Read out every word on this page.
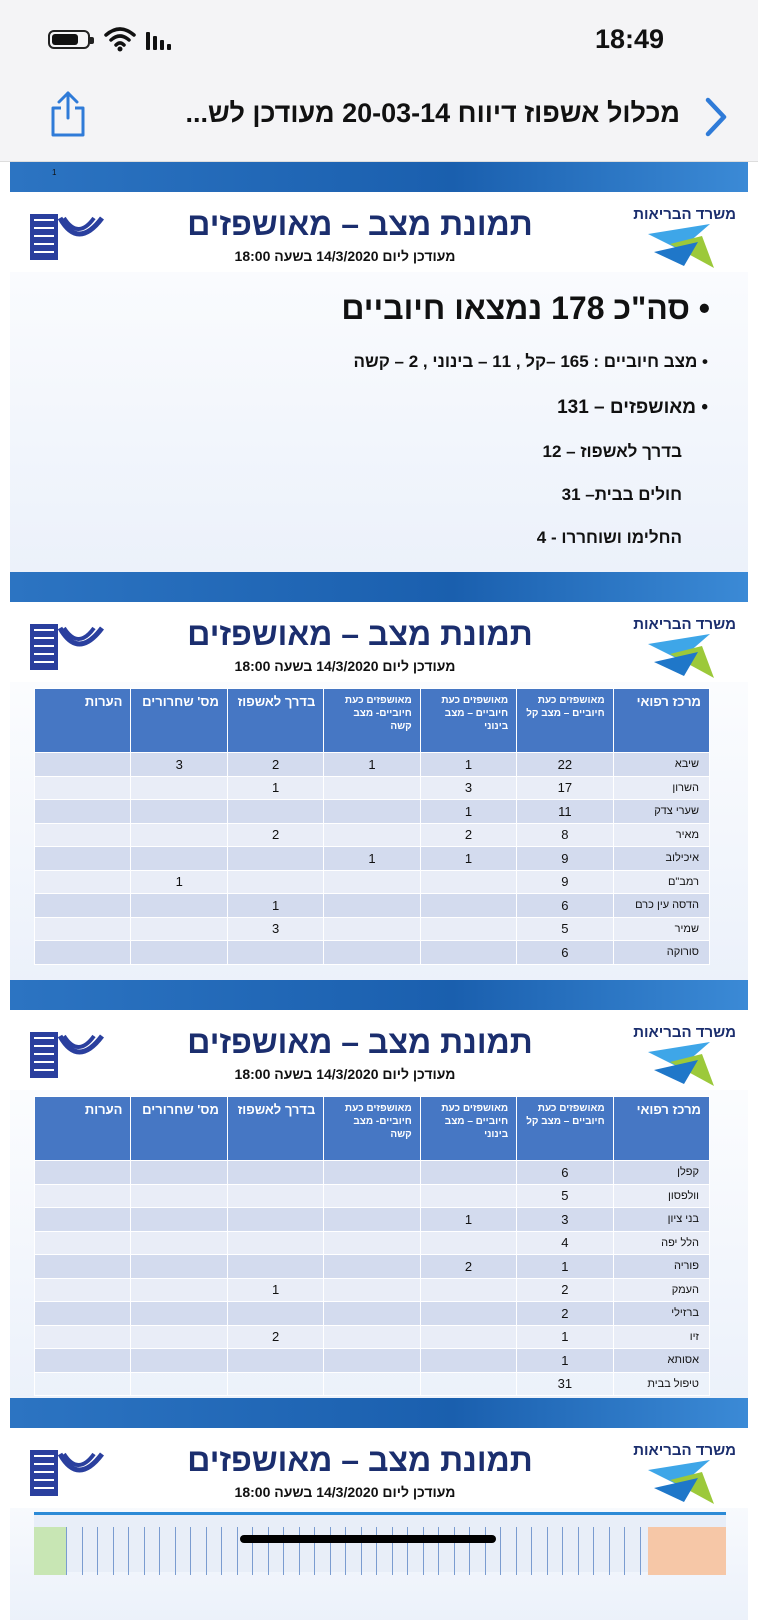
18:49
מכלול אשפוז דיווח 20-03-14 מעודכן לש...
1
תמונת מצב – מאושפזים
מעודכן ליום 14/3/2020 בשעה 18:00
משרד הבריאות
• סה"כ 178 נמצאו חיוביים
• מצב חיוביים : 165 –קל , 11 – בינוני , 2 – קשה
• מאושפזים – 131
בדרך לאשפוז – 12
חולים בבית– 31
החלימו ושוחררו - 4
תמונת מצב – מאושפזים
מעודכן ליום 14/3/2020 בשעה 18:00
משרד הבריאות
מרכז רפואי	מאושפזים כעת חיוביים – מצב קל	מאושפזים כעת חיוביים – מצב בינוני	מאושפזים כעת חיוביים- מצב קשה	בדרך לאשפוז	מס' שחרורים	הערות
שיבא	22	1	1	2	3	
השרון	17	3		1		
שערי צדק	11	1				
מאיר	8	2		2		
איכילוב	9	1	1			
רמב"ם	9				1	
הדסה עין כרם	6			1		
שמיר	5			3		
סורוקה	6					
תמונת מצב – מאושפזים
מעודכן ליום 14/3/2020 בשעה 18:00
משרד הבריאות
מרכז רפואי	מאושפזים כעת חיוביים – מצב קל	מאושפזים כעת חיוביים – מצב בינוני	מאושפזים כעת חיוביים- מצב קשה	בדרך לאשפוז	מס' שחרורים	הערות
קפלן	6					
וולפסון	5					
בני ציון	3	1				
הלל יפה	4					
פוריה	1	2				
העמק	2			1		
ברזילי	2					
זיו	1			2		
אסותא	1					
טיפול בבית	31					
תמונת מצב – מאושפזים
מעודכן ליום 14/3/2020 בשעה 18:00
משרד הבריאות
